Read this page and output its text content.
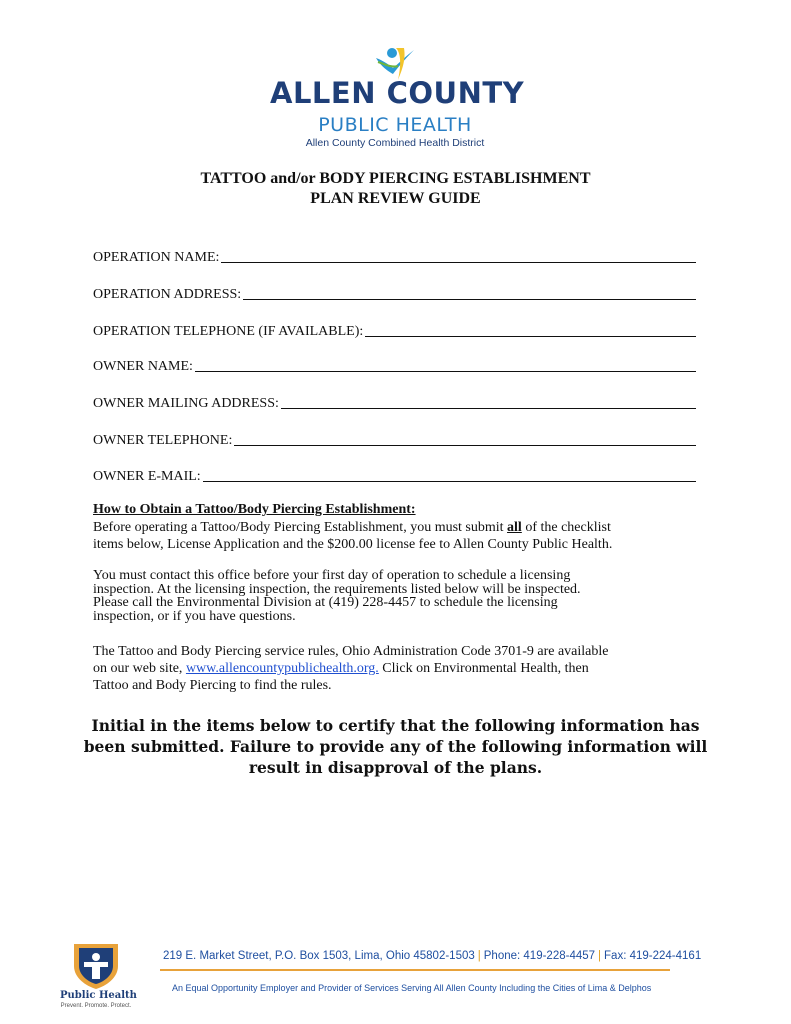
ALLEN COUNTY
PUBLIC HEALTH
Allen County Combined Health District
TATTOO and/or BODY PIERCING ESTABLISHMENT
PLAN REVIEW GUIDE
OPERATION NAME:
OPERATION ADDRESS:
OPERATION TELEPHONE (IF AVAILABLE):
OWNER NAME:
OWNER MAILING ADDRESS:
OWNER TELEPHONE:
OWNER E-MAIL:
How to Obtain a Tattoo/Body Piercing Establishment:
Before operating a Tattoo/Body Piercing Establishment, you must submit all of the checklist
items below, License Application and the $200.00 license fee to Allen County Public Health.
You must contact this office before your first day of operation to schedule a licensing
inspection. At the licensing inspection, the requirements listed below will be inspected.
Please call the Environmental Division at (419) 228-4457 to schedule the licensing
inspection, or if you have questions.
The Tattoo and Body Piercing service rules, Ohio Administration Code 3701-9 are available
on our web site, www.allencountypublichealth.org. Click on Environmental Health, then
Tattoo and Body Piercing to find the rules.
Initial in the items below to certify that the following information has
been submitted. Failure to provide any of the following information will
result in disapproval of the plans.
Public Health
Prevent. Promote. Protect.
219 E. Market Street, P.O. Box 1503, Lima, Ohio 45802-1503 | Phone: 419-228-4457 | Fax: 419-224-4161
An Equal Opportunity Employer and Provider of Services Serving All Allen County Including the Cities of Lima & Delphos
